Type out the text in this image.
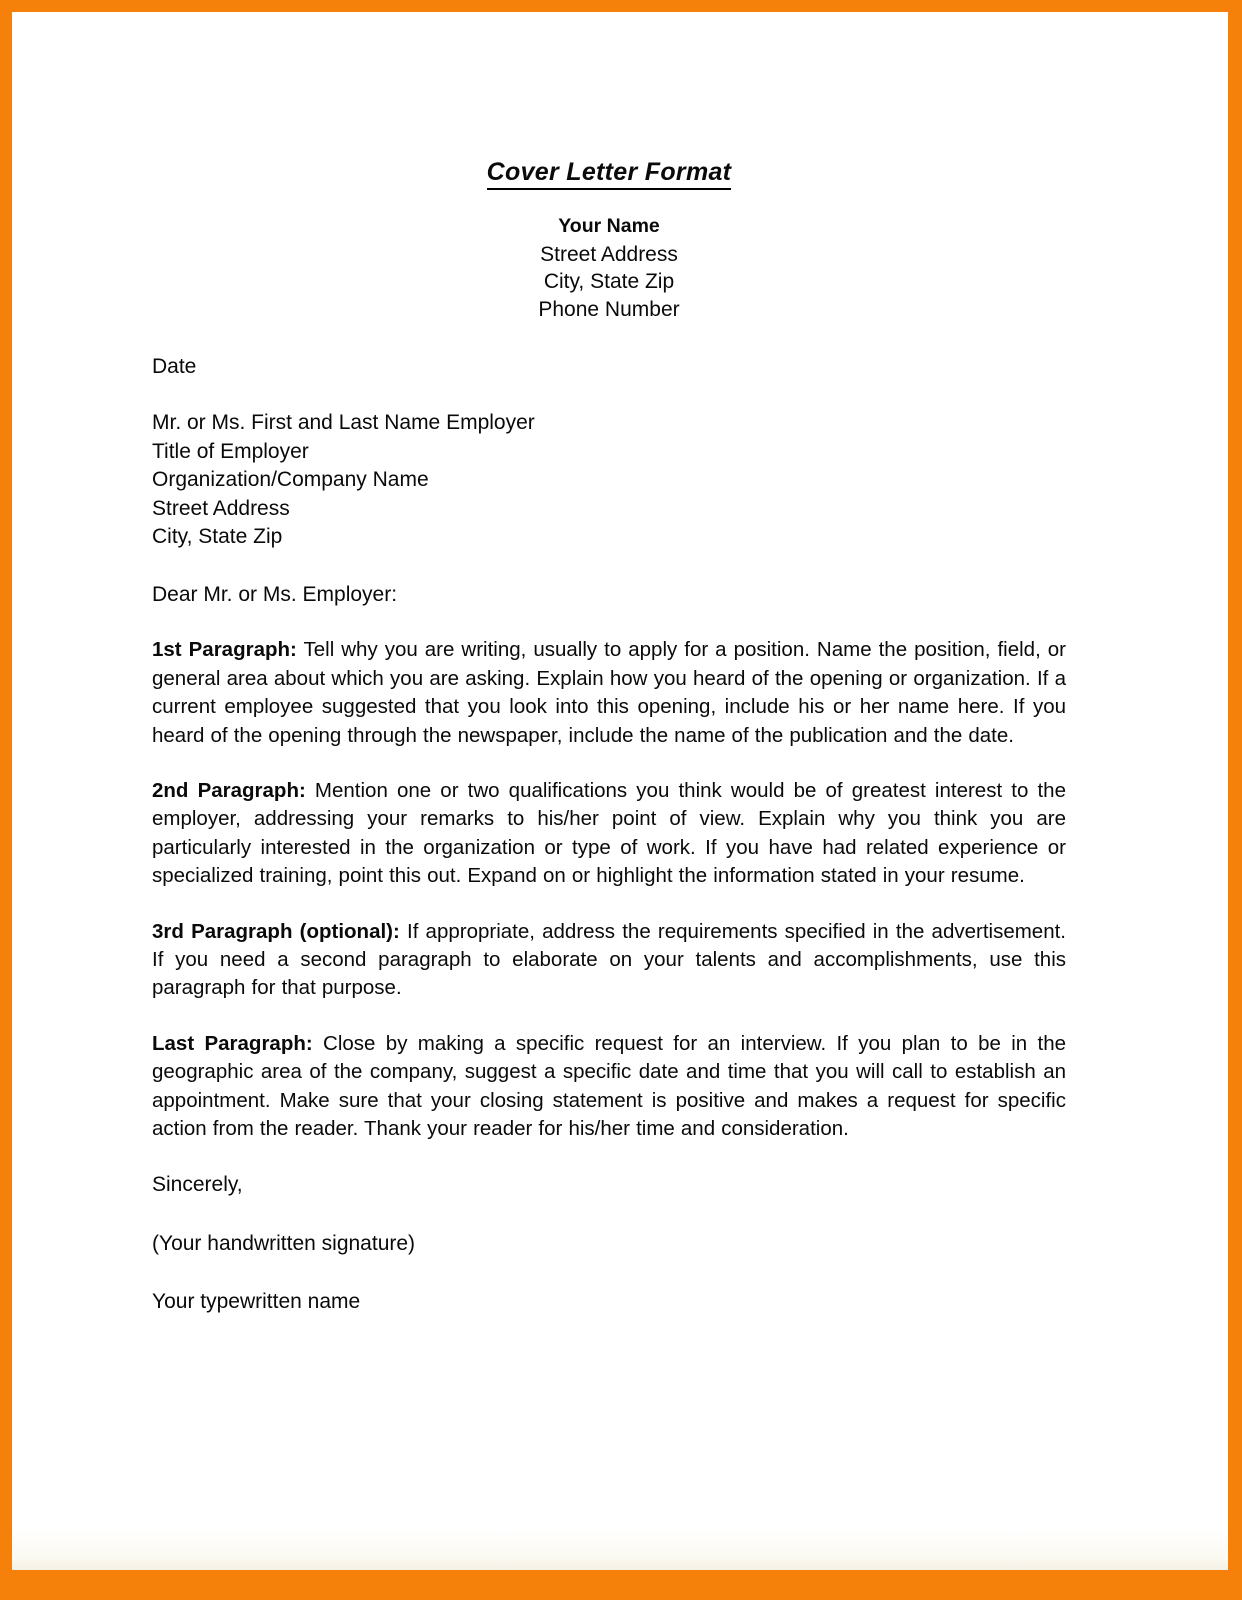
Cover Letter Format
Your Name
Street Address
City, State Zip
Phone Number
Date
Mr. or Ms. First and Last Name Employer
Title of Employer
Organization/Company Name
Street Address
City, State Zip
Dear Mr. or Ms. Employer:

1st Paragraph: Tell why you are writing, usually to apply for a position. Name the position, field, or general area about which you are asking. Explain how you heard of the opening or organization. If a current employee suggested that you look into this opening, include his or her name here. If you heard of the opening through the newspaper, include the name of the publication and the date.

2nd Paragraph: Mention one or two qualifications you think would be of greatest interest to the employer, addressing your remarks to his/her point of view. Explain why you think you are particularly interested in the organization or type of work. If you have had related experience or specialized training, point this out. Expand on or highlight the information stated in your resume.

3rd Paragraph (optional): If appropriate, address the requirements specified in the advertisement. If you need a second paragraph to elaborate on your talents and accomplishments, use this paragraph for that purpose.

Last Paragraph: Close by making a specific request for an interview. If you plan to be in the geographic area of the company, suggest a specific date and time that you will call to establish an appointment. Make sure that your closing statement is positive and makes a request for specific action from the reader. Thank your reader for his/her time and consideration.

Sincerely,
(Your handwritten signature)
Your typewritten name
